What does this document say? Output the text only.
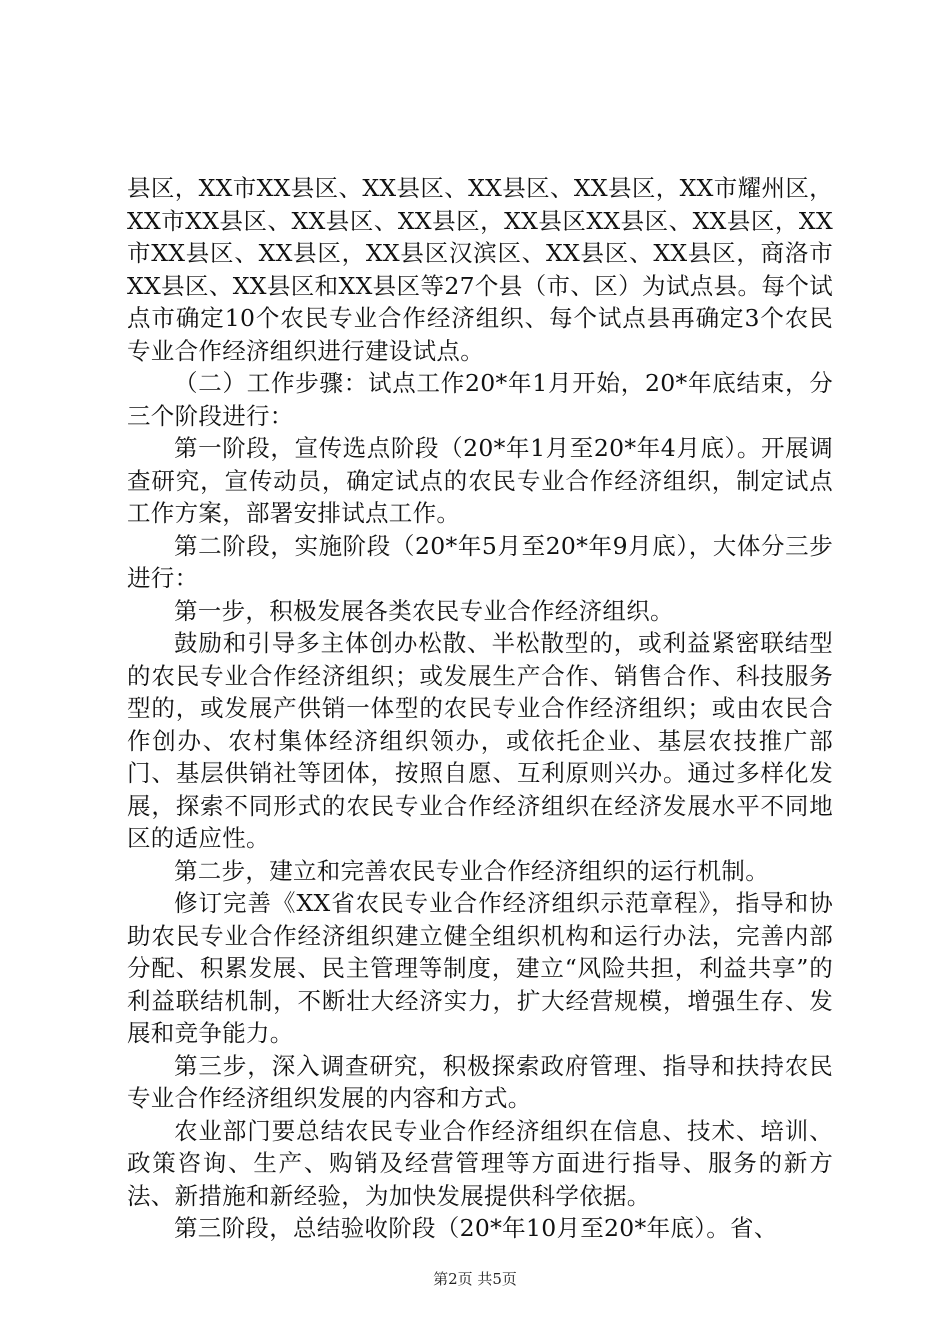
县区，XX市XX县区、XX县区、XX县区、XX县区，XX市耀州区，XX市XX县区、XX县区、XX县区，XX县区XX县区、XX县区，XX市XX县区、XX县区，XX县区汉滨区、XX县区、XX县区，商洛市XX县区、XX县区和XX县区等27个县（市、区）为试点县。每个试点市确定10个农民专业合作经济组织、每个试点县再确定3个农民专业合作经济组织进行建设试点。

（二）工作步骤：试点工作20*年1月开始，20*年底结束，分三个阶段进行：

第一阶段，宣传选点阶段（20*年1月至20*年4月底）。开展调查研究，宣传动员，确定试点的农民专业合作经济组织，制定试点工作方案，部署安排试点工作。

第二阶段，实施阶段（20*年5月至20*年9月底），大体分三步进行：

第一步，积极发展各类农民专业合作经济组织。

鼓励和引导多主体创办松散、半松散型的，或利益紧密联结型的农民专业合作经济组织；或发展生产合作、销售合作、科技服务型的，或发展产供销一体型的农民专业合作经济组织；或由农民合作创办、农村集体经济组织领办，或依托企业、基层农技推广部门、基层供销社等团体，按照自愿、互利原则兴办。通过多样化发展，探索不同形式的农民专业合作经济组织在经济发展水平不同地区的适应性。

第二步，建立和完善农民专业合作经济组织的运行机制。

修订完善《XX省农民专业合作经济组织示范章程》，指导和协助农民专业合作经济组织建立健全组织机构和运行办法，完善内部分配、积累发展、民主管理等制度，建立“风险共担，利益共享”的利益联结机制，不断壮大经济实力，扩大经营规模，增强生存、发展和竞争能力。

第三步，深入调查研究，积极探索政府管理、指导和扶持农民专业合作经济组织发展的内容和方式。

农业部门要总结农民专业合作经济组织在信息、技术、培训、政策咨询、生产、购销及经营管理等方面进行指导、服务的新方法、新措施和新经验，为加快发展提供科学依据。

第三阶段，总结验收阶段（20*年10月至20*年底）。省、

第2页 共5页
